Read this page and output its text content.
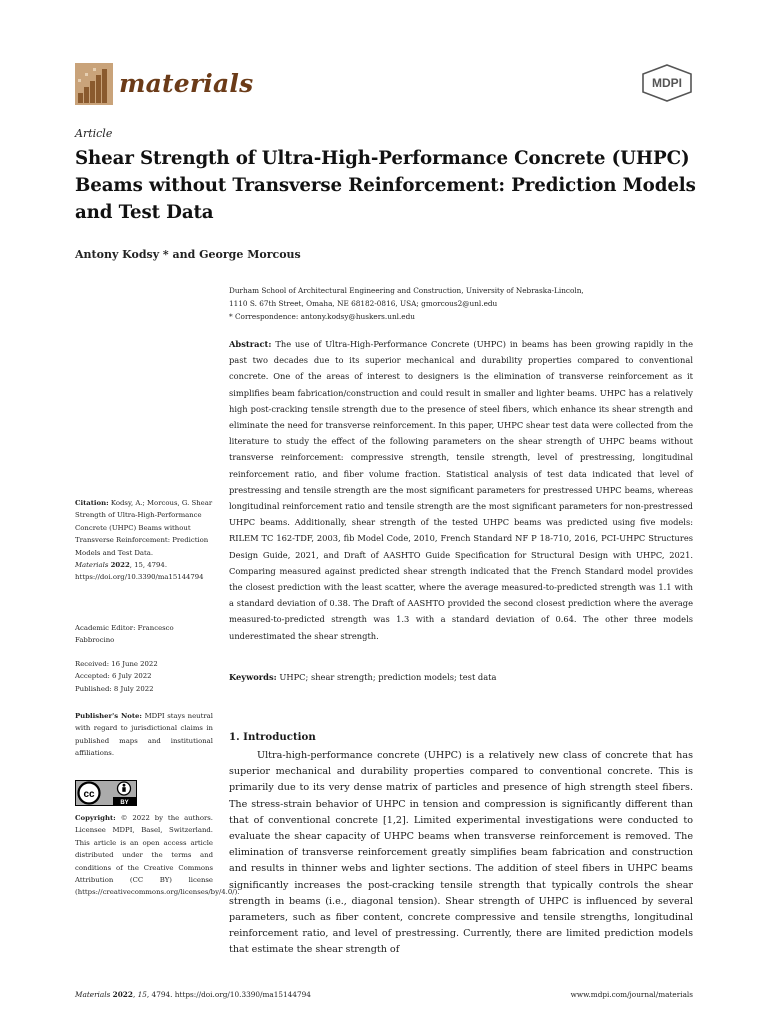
materials	MDPI
Article
Shear Strength of Ultra-High-Performance Concrete (UHPC) Beams without Transverse Reinforcement: Prediction Models and Test Data
Antony Kodsy * and George Morcous
Durham School of Architectural Engineering and Construction, University of Nebraska-Lincoln,
1110 S. 67th Street, Omaha, NE 68182-0816, USA; gmorcous2@unl.edu
* Correspondence: antony.kodsy@huskers.unl.edu
Abstract: The use of Ultra-High-Performance Concrete (UHPC) in beams has been growing rapidly in the past two decades due to its superior mechanical and durability properties compared to conventional concrete. One of the areas of interest to designers is the elimination of transverse reinforcement as it simplifies beam fabrication/construction and could result in smaller and lighter beams. UHPC has a relatively high post-cracking tensile strength due to the presence of steel fibers, which enhance its shear strength and eliminate the need for transverse reinforcement. In this paper, UHPC shear test data were collected from the literature to study the effect of the following parameters on the shear strength of UHPC beams without transverse reinforcement: compressive strength, tensile strength, level of prestressing, longitudinal reinforcement ratio, and fiber volume fraction. Statistical analysis of test data indicated that level of prestressing and tensile strength are the most significant parameters for prestressed UHPC beams, whereas longitudinal reinforcement ratio and tensile strength are the most significant parameters for non-prestressed UHPC beams. Additionally, shear strength of the tested UHPC beams was predicted using five models: RILEM TC 162-TDF, 2003, fib Model Code, 2010, French Standard NF P 18-710, 2016, PCI-UHPC Structures Design Guide, 2021, and Draft of AASHTO Guide Specification for Structural Design with UHPC, 2021. Comparing measured against predicted shear strength indicated that the French Standard model provides the closest prediction with the least scatter, where the average measured-to-predicted strength was 1.1 with a standard deviation of 0.38. The Draft of AASHTO provided the second closest prediction where the average measured-to-predicted strength was 1.3 with a standard deviation of 0.64. The other three models underestimated the shear strength.
Keywords: UHPC; shear strength; prediction models; test data
Citation: Kodsy, A.; Morcous, G. Shear Strength of Ultra-High-Performance Concrete (UHPC) Beams without Transverse Reinforcement: Prediction Models and Test Data.
Materials 2022, 15, 4794.
https://doi.org/10.3390/ma15144794
Academic Editor: Francesco
Fabbrocino
Received: 16 June 2022
Accepted: 6 July 2022
Published: 8 July 2022
Publisher's Note: MDPI stays neutral with regard to jurisdictional claims in published maps and institutional affiliations.
cc
BY
Copyright: © 2022 by the authors. Licensee MDPI, Basel, Switzerland. This article is an open access article distributed under the terms and conditions of the Creative Commons Attribution (CC BY) license (https://creativecommons.org/licenses/by/4.0/).
1. Introduction
Ultra-high-performance concrete (UHPC) is a relatively new class of concrete that has superior mechanical and durability properties compared to conventional concrete. This is primarily due to its very dense matrix of particles and presence of high strength steel fibers. The stress-strain behavior of UHPC in tension and compression is significantly different than that of conventional concrete [1,2]. Limited experimental investigations were conducted to evaluate the shear capacity of UHPC beams when transverse reinforcement is removed. The elimination of transverse reinforcement greatly simplifies beam fabrication and construction and results in thinner webs and lighter sections. The addition of steel fibers in UHPC beams significantly increases the post-cracking tensile strength that typically controls the shear strength in beams (i.e., diagonal tension). Shear strength of UHPC is influenced by several parameters, such as fiber content, concrete compressive and tensile strengths, longitudinal reinforcement ratio, and level of prestressing. Currently, there are limited prediction models that estimate the shear strength of
Materials 2022, 15, 4794. https://doi.org/10.3390/ma15144794	www.mdpi.com/journal/materials
